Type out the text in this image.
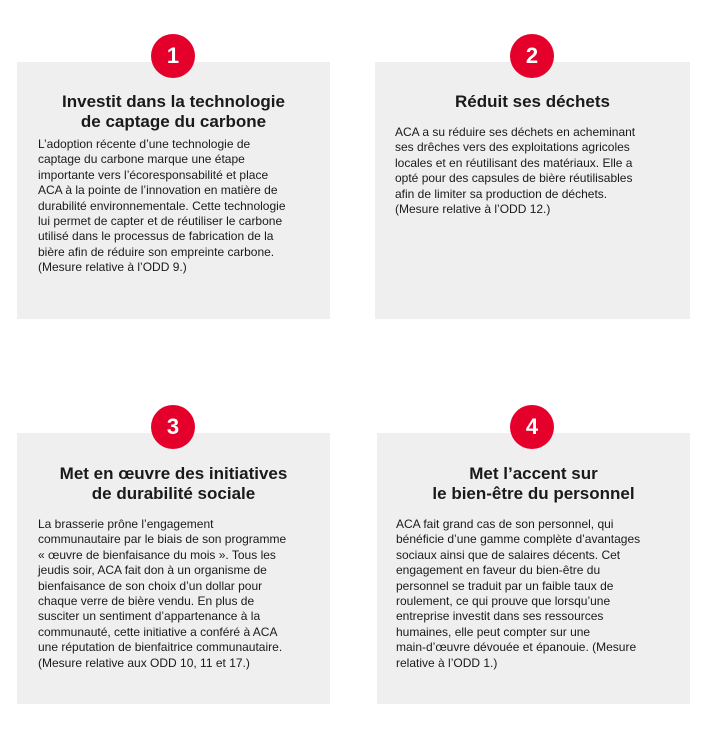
1
Investit dans la technologie
de captage du carbone
L’adoption récente d’une technologie de
captage du carbone marque une étape
importante vers l’écoresponsabilité et place
ACA à la pointe de l’innovation en matière de
durabilité environnementale. Cette technologie
lui permet de capter et de réutiliser le carbone
utilisé dans le processus de fabrication de la
bière afin de réduire son empreinte carbone.
(Mesure relative à l’ODD 9.)
2
Réduit ses déchets
ACA a su réduire ses déchets en acheminant
ses drêches vers des exploitations agricoles
locales et en réutilisant des matériaux. Elle a
opté pour des capsules de bière réutilisables
afin de limiter sa production de déchets.
(Mesure relative à l’ODD 12.)
3
Met en œuvre des initiatives
de durabilité sociale
La brasserie prône l’engagement
communautaire par le biais de son programme
« œuvre de bienfaisance du mois ». Tous les
jeudis soir, ACA fait don à un organisme de
bienfaisance de son choix d’un dollar pour
chaque verre de bière vendu. En plus de
susciter un sentiment d’appartenance à la
communauté, cette initiative a conféré à ACA
une réputation de bienfaitrice communautaire.
(Mesure relative aux ODD 10, 11 et 17.)
4
Met l’accent sur
le bien-être du personnel
ACA fait grand cas de son personnel, qui
bénéficie d’une gamme complète d’avantages
sociaux ainsi que de salaires décents. Cet
engagement en faveur du bien-être du
personnel se traduit par un faible taux de
roulement, ce qui prouve que lorsqu’une
entreprise investit dans ses ressources
humaines, elle peut compter sur une
main-d’œuvre dévouée et épanouie. (Mesure
relative à l’ODD 1.)
